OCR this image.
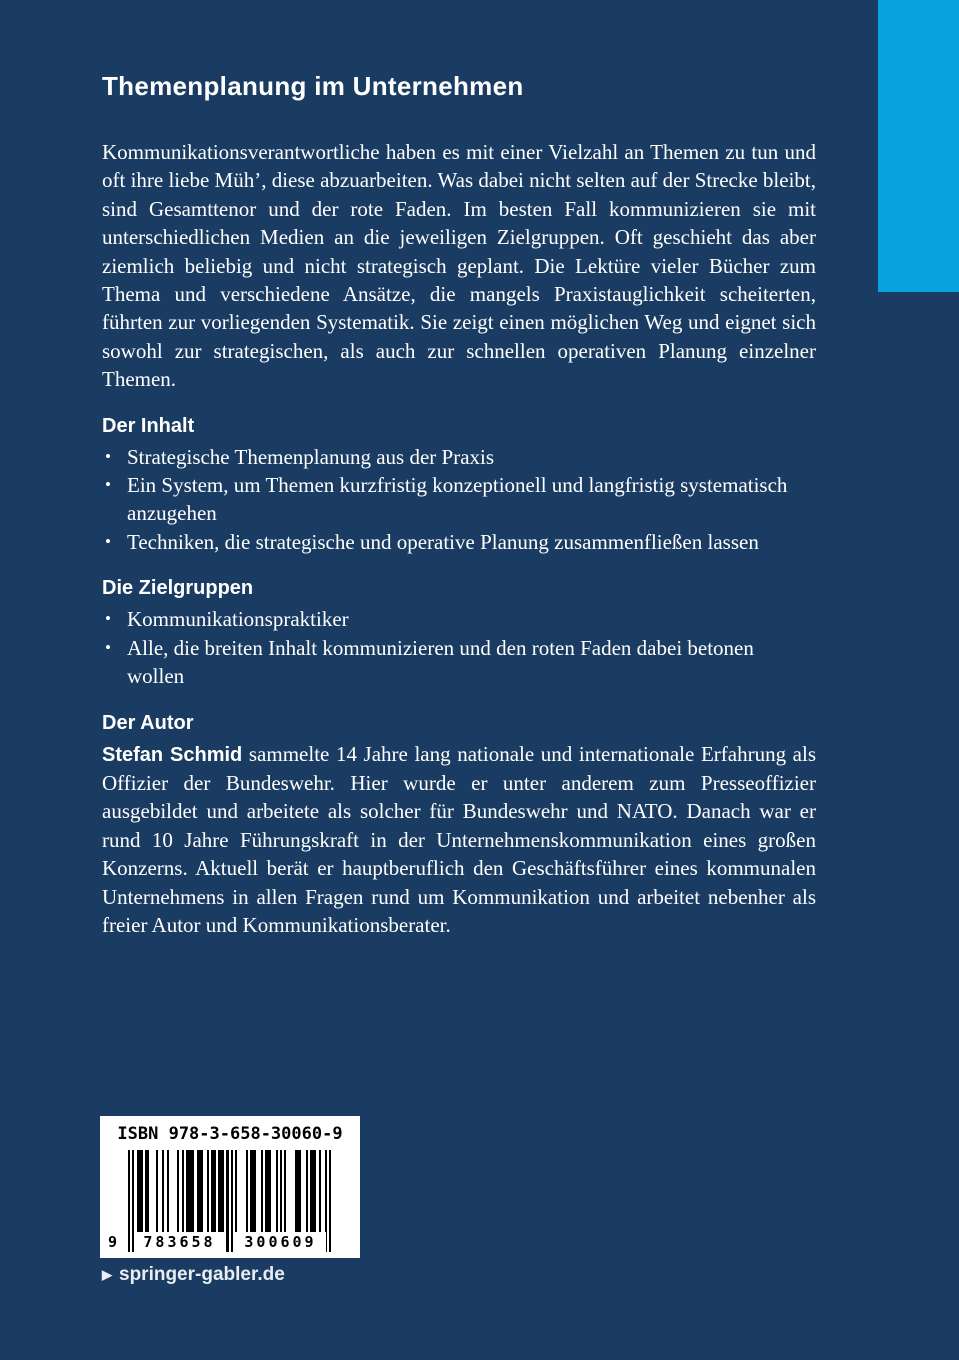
Themenplanung im Unternehmen

Kommunikationsverantwortliche haben es mit einer Vielzahl an Themen zu tun und oft ihre liebe Müh’, diese abzuarbeiten. Was dabei nicht selten auf der Strecke bleibt, sind Gesamttenor und der rote Faden. Im besten Fall kommunizieren sie mit unterschiedlichen Medien an die jeweiligen Zielgruppen. Oft geschieht das aber ziemlich beliebig und nicht strategisch geplant. Die Lektüre vieler Bücher zum Thema und verschiedene Ansätze, die mangels Praxistauglichkeit scheiterten, führten zur vorliegenden Systematik. Sie zeigt einen möglichen Weg und eignet sich sowohl zur strategischen, als auch zur schnellen operativen Planung einzelner Themen.

Der Inhalt
• Strategische Themenplanung aus der Praxis
• Ein System, um Themen kurzfristig konzeptionell und langfristig systematisch anzugehen
• Techniken, die strategische und operative Planung zusammenfließen lassen
Die Zielgruppen
• Kommunikationspraktiker
• Alle, die breiten Inhalt kommunizieren und den roten Faden dabei betonen wollen
Der Autor

Stefan Schmid sammelte 14 Jahre lang nationale und internationale Erfahrung als Offizier der Bundeswehr. Hier wurde er unter anderem zum Presseoffizier ausgebildet und arbeitete als solcher für Bundeswehr und NATO. Danach war er rund 10 Jahre Führungskraft in der Unternehmenskommunikation eines großen Konzerns. Aktuell berät er hauptberuflich den Geschäftsführer eines kommunalen Unternehmens in allen Fragen rund um Kommunikation und arbeitet nebenher als freier Autor und Kommunikationsberater.

ISBN 978-3-658-30060-9
9	783658	300609
▶ springer-gabler.de
